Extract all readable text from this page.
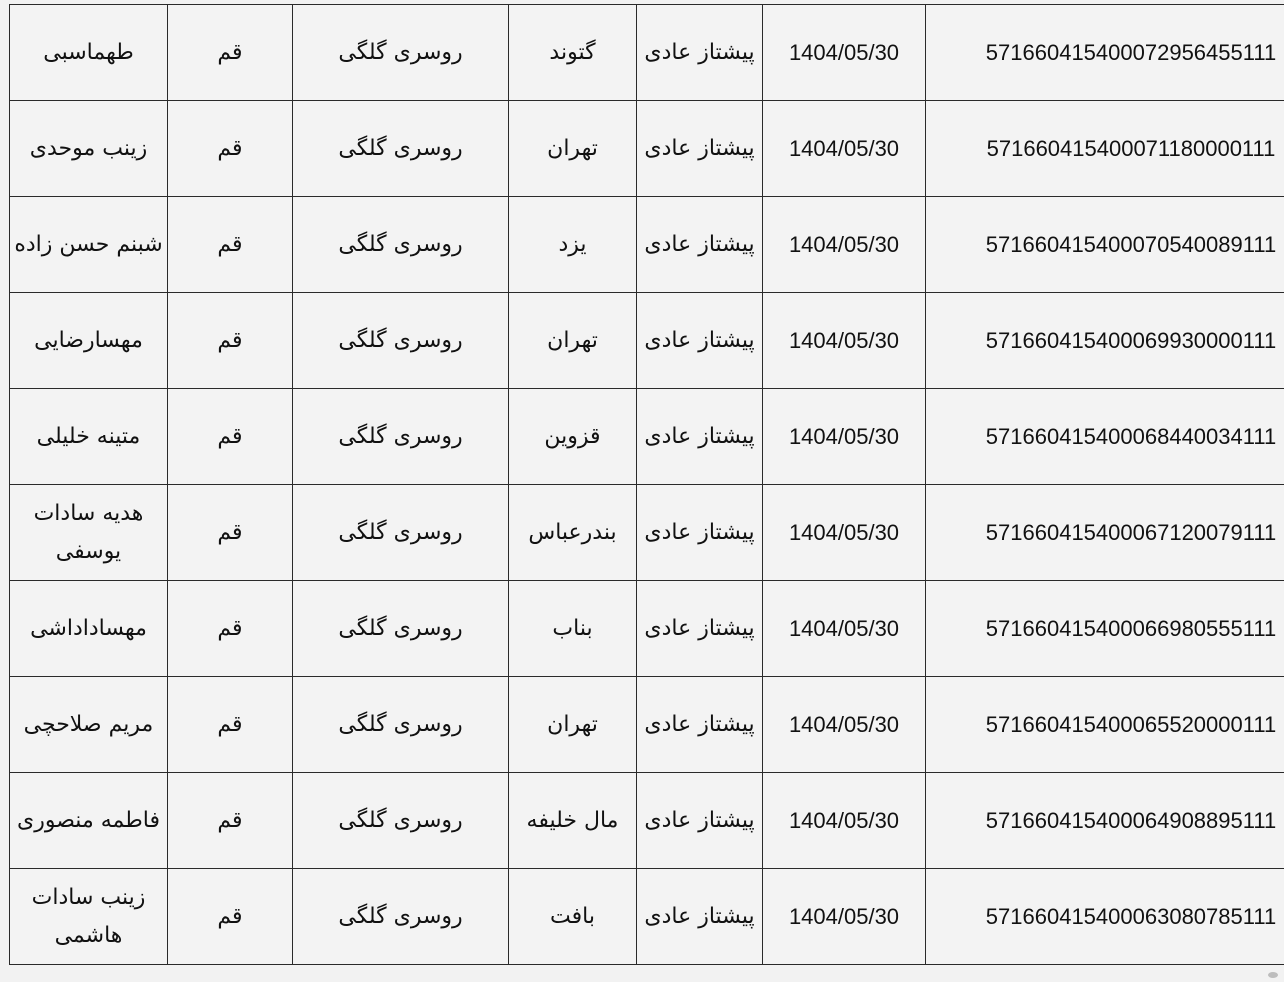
طهماسبی	قم	روسری گلگی	گتوند	پیشتاز عادی	1404/05/30	571660415400072956455111
زینب موحدی	قم	روسری گلگی	تهران	پیشتاز عادی	1404/05/30	571660415400071180000111
شبنم حسن زاده	قم	روسری گلگی	یزد	پیشتاز عادی	1404/05/30	571660415400070540089111
مهسارضایی	قم	روسری گلگی	تهران	پیشتاز عادی	1404/05/30	571660415400069930000111
متینه خلیلی	قم	روسری گلگی	قزوین	پیشتاز عادی	1404/05/30	571660415400068440034111
هدیه سادات یوسفی	قم	روسری گلگی	بندرعباس	پیشتاز عادی	1404/05/30	571660415400067120079111
مهساداداشی	قم	روسری گلگی	بناب	پیشتاز عادی	1404/05/30	571660415400066980555111
مریم صلاحچی	قم	روسری گلگی	تهران	پیشتاز عادی	1404/05/30	571660415400065520000111
فاطمه منصوری	قم	روسری گلگی	مال خلیفه	پیشتاز عادی	1404/05/30	571660415400064908895111
زینب سادات هاشمی	قم	روسری گلگی	بافت	پیشتاز عادی	1404/05/30	571660415400063080785111
